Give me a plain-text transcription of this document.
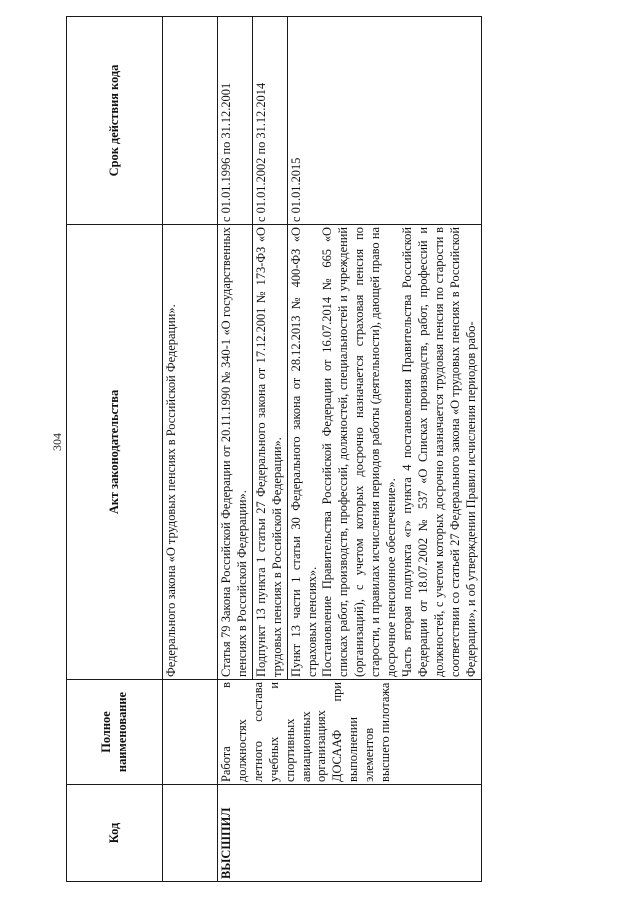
304
Код	Полное наименование	Акт законодательства	Срок действия кода
		Федерального закона «О трудовых пенсиях в Российской Федерации».	
ВЫСШПИЛ	Работа в должностях летного состава учебных и спортивных авиационных организациях ДОСААФ при выполнении элементов высшего пилотажа	Статья 79 Закона Российской Федерации от 20.11.1990 № 340-1 «О государственных пенсиях в Российской Федерации».	с 01.01.1996 по 31.12.2001
		Подпункт 13 пункта 1 статьи 27 Федерального закона от 17.12.2001 № 173-ФЗ «О трудовых пенсиях в Российской Федерации».	с 01.01.2002 по 31.12.2014

		Пункт 13 части 1 статьи 30 Федерального закона от 28.12.2013 № 400-ФЗ «О страховых пенсиях». Постановление Правительства Российской Федерации от 16.07.2014 № 665 «О списках работ, производств, профессий, должностей, специальностей и учреждений (организаций), с учетом которых досрочно назначается страховая пенсия по старости, и правилах исчисления периодов работы (деятельности), дающей право на досрочное пенсионное обеспечение». Часть вторая подпункта «г» пункта 4 постановления Правительства Российской Федерации от 18.07.2002 № 537 «О Списках производств, работ, профессий и должностей, с учетом которых досрочно назначается трудовая пенсия по старости в соответствии со статьей 27 Федерального закона «О трудовых пенсиях в Российской Федерации», и об утверждении Правил исчисления периодов рабо-	с 01.01.2015
